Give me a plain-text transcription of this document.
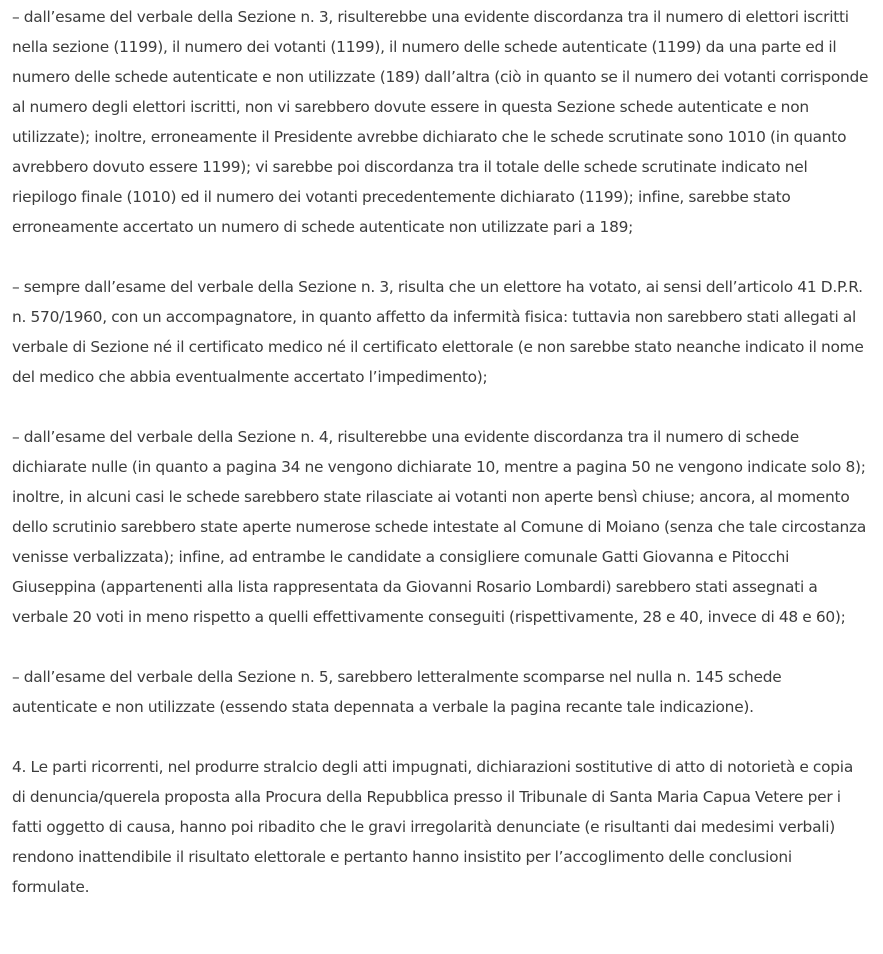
– dall’esame del verbale della Sezione n. 3, risulterebbe una evidente discordanza tra il numero di elettori iscritti nella sezione (1199), il numero dei votanti (1199), il numero delle schede autenticate (1199) da una parte ed il numero delle schede autenticate e non utilizzate (189) dall’altra (ciò in quanto se il numero dei votanti corrisponde al numero degli elettori iscritti, non vi sarebbero dovute essere in questa Sezione schede autenticate e non utilizzate); inoltre, erroneamente il Presidente avrebbe dichiarato che le schede scrutinate sono 1010 (in quanto avrebbero dovuto essere 1199); vi sarebbe poi discordanza tra il totale delle schede scrutinate indicato nel riepilogo finale (1010) ed il numero dei votanti precedentemente dichiarato (1199); infine, sarebbe stato erroneamente accertato un numero di schede autenticate non utilizzate pari a 189;

– sempre dall’esame del verbale della Sezione n. 3, risulta che un elettore ha votato, ai sensi dell’articolo 41 D.P.R. n. 570/1960, con un accompagnatore, in quanto affetto da infermità fisica: tuttavia non sarebbero stati allegati al verbale di Sezione né il certificato medico né il certificato elettorale (e non sarebbe stato neanche indicato il nome del medico che abbia eventualmente accertato l’impedimento);

– dall’esame del verbale della Sezione n. 4, risulterebbe una evidente discordanza tra il numero di schede dichiarate nulle (in quanto a pagina 34 ne vengono dichiarate 10, mentre a pagina 50 ne vengono indicate solo 8); inoltre, in alcuni casi le schede sarebbero state rilasciate ai votanti non aperte bensì chiuse; ancora, al momento dello scrutinio sarebbero state aperte numerose schede intestate al Comune di Moiano (senza che tale circostanza venisse verbalizzata); infine, ad entrambe le candidate a consigliere comunale Gatti Giovanna e Pitocchi Giuseppina (appartenenti alla lista rappresentata da Giovanni Rosario Lombardi) sarebbero stati assegnati a verbale 20 voti in meno rispetto a quelli effettivamente conseguiti (rispettivamente, 28 e 40, invece di 48 e 60);

– dall’esame del verbale della Sezione n. 5, sarebbero letteralmente scomparse nel nulla n. 145 schede autenticate e non utilizzate (essendo stata depennata a verbale la pagina recante tale indicazione).

4. Le parti ricorrenti, nel produrre stralcio degli atti impugnati, dichiarazioni sostitutive di atto di notorietà e copia di denuncia/querela proposta alla Procura della Repubblica presso il Tribunale di Santa Maria Capua Vetere per i fatti oggetto di causa, hanno poi ribadito che le gravi irregolarità denunciate (e risultanti dai medesimi verbali) rendono inattendibile il risultato elettorale e pertanto hanno insistito per l’accoglimento delle conclusioni formulate.
